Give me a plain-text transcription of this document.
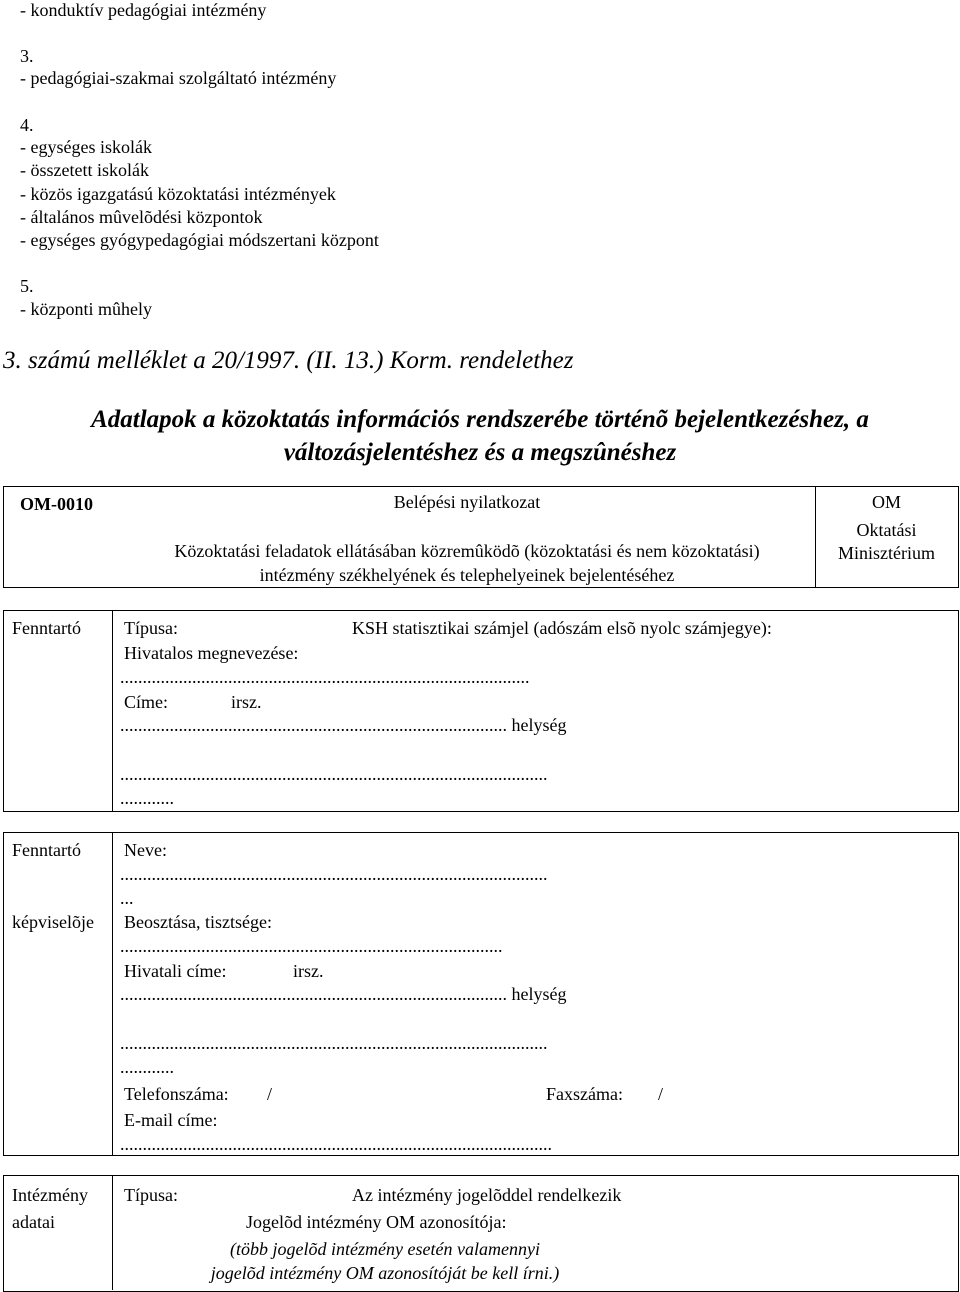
- konduktív pedagógiai intézmény
3.
- pedagógiai-szakmai szolgáltató intézmény
4.
- egységes iskolák
- összetett iskolák
- közös igazgatású közoktatási intézmények
- általános mûvelõdési központok
- egységes gyógypedagógiai módszertani központ
5.
- központi mûhely
3. számú melléklet a 20/1997. (II. 13.) Korm. rendelethez
Adatlapok a közoktatás információs rendszerébe történõ bejelentkezéshez, a
változásjelentéshez és a megszûnéshez
OM-0010	Belépési nyilatkozat
Közoktatási feladatok ellátásában közremûködõ (közoktatási és nem közoktatási)
intézmény székhelyének és telephelyeinek bejelentéséhez
OM
Oktatási
Minisztérium
Fenntartó Típusa:	KSH statisztikai számjel (adószám elsõ nyolc számjegye):
Hivatalos megnevezése:
...........................................................................................
Címe:	irsz.
...................................................................................... helység
...............................................................................................
............
Fenntartó
képviselõje
Neve:
...............................................................................................
...
Beosztása, tisztsége:
.....................................................................................
Hivatali címe:	irsz.
...................................................................................... helység
...............................................................................................
............
Telefonszáma: /	Faxszáma: /
E-mail címe:
................................................................................................
Intézmény
adatai
Típusa:	Az intézmény jogelõddel rendelkezik
Jogelõd intézmény OM azonosítója:
(több jogelõd intézmény esetén valamennyi
jogelõd intézmény OM azonosítóját be kell írni.)
